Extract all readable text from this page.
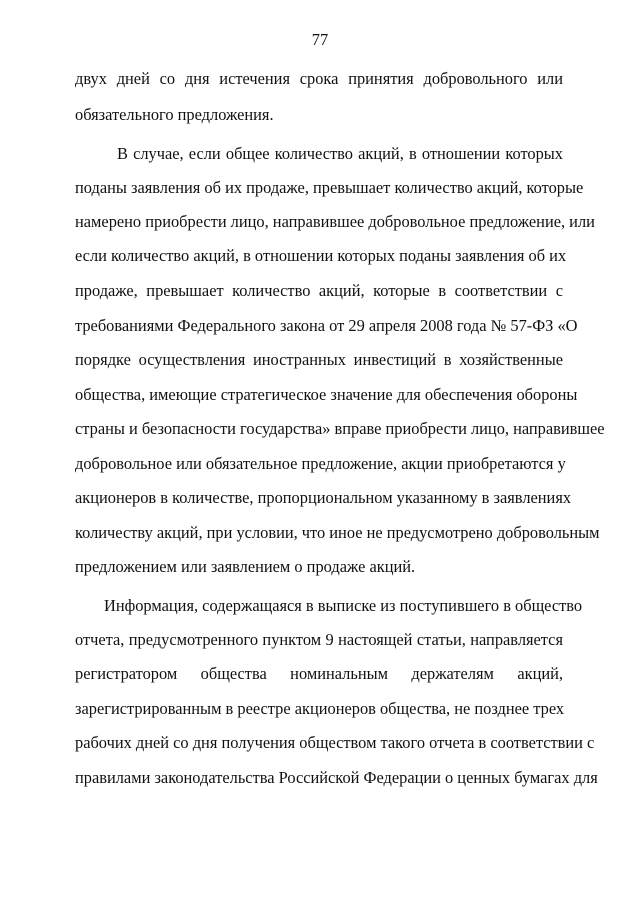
77
двух дней со дня истечения срока принятия добровольного или
обязательного предложения.
В случае, если общее количество акций, в отношении которых
поданы заявления об их продаже, превышает количество акций, которые
намерено приобрести лицо, направившее добровольное предложение, или
если количество акций, в отношении которых поданы заявления об их
продаже, превышает количество акций, которые в соответствии с
требованиями Федерального закона от 29 апреля 2008 года № 57-ФЗ «О
порядке осуществления иностранных инвестиций в хозяйственные
общества, имеющие стратегическое значение для обеспечения обороны
страны и безопасности государства» вправе приобрести лицо, направившее
добровольное или обязательное предложение, акции приобретаются у
акционеров в количестве, пропорциональном указанному в заявлениях
количеству акций, при условии, что иное не предусмотрено добровольным
предложением или заявлением о продаже акций.
Информация, содержащаяся в выписке из поступившего в общество
отчета, предусмотренного пунктом 9 настоящей статьи, направляется
регистратором общества номинальным держателям акций,
зарегистрированным в реестре акционеров общества, не позднее трех
рабочих дней со дня получения обществом такого отчета в соответствии с
правилами законодательства Российской Федерации о ценных бумагах для
